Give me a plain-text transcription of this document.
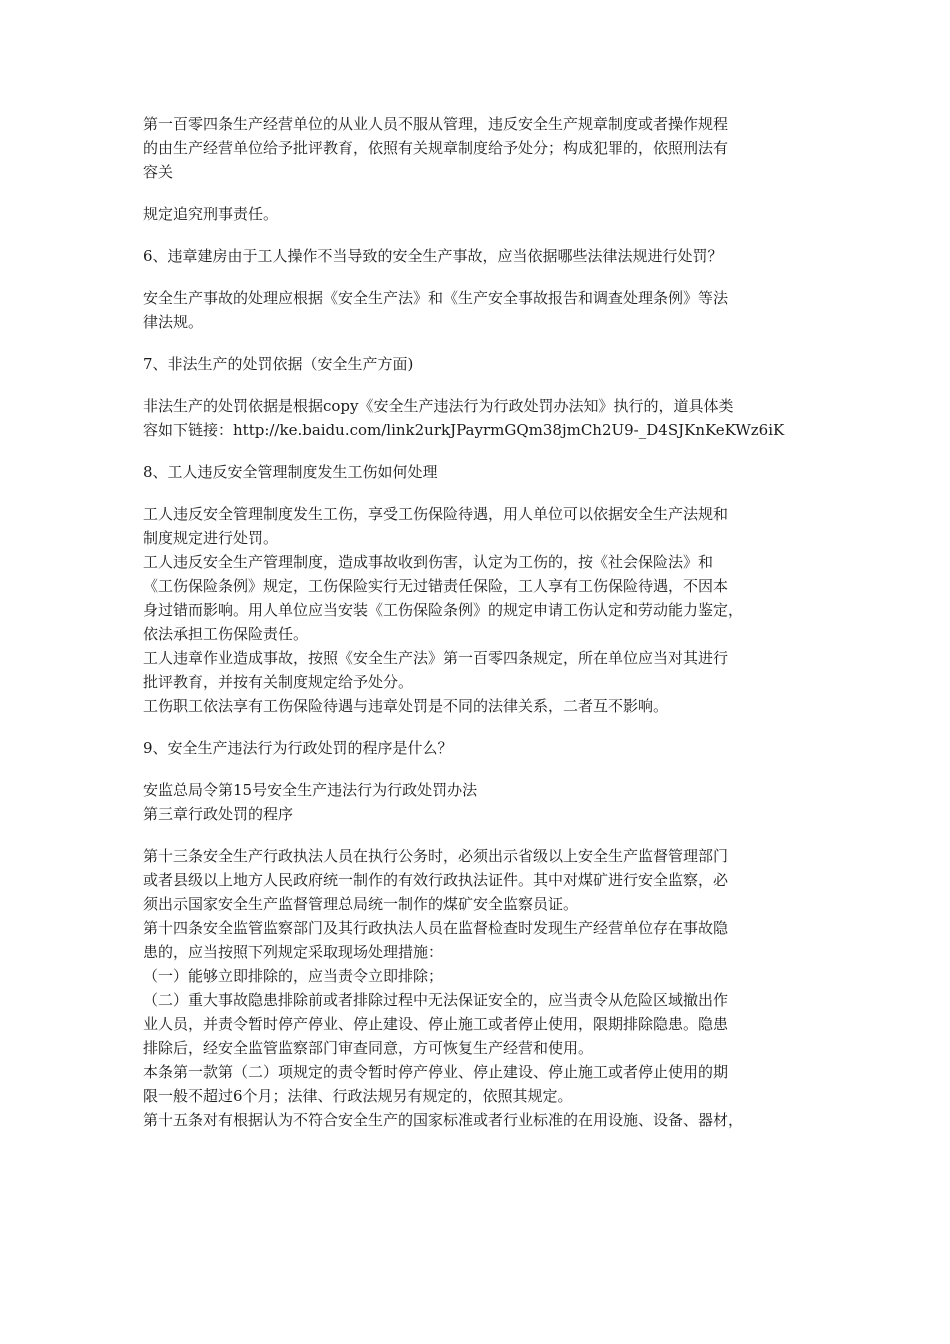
第一百零四条生产经营单位的从业人员不服从管理，违反安全生产规章制度或者操作规程
的由生产经营单位给予批评教育，依照有关规章制度给予处分；构成犯罪的，依照刑法有
容关
规定追究刑事责任。
6、违章建房由于工人操作不当导致的安全生产事故，应当依据哪些法律法规进行处罚？
安全生产事故的处理应根据《安全生产法》和《生产安全事故报告和调查处理条例》等法
律法规。
7、非法生产的处罚依据（安全生产方面)
非法生产的处罚依据是根据copy《安全生产违法行为行政处罚办法知》执行的，道具体类
容如下链接：http://ke.baidu.com/link2urkJPayrmGQm38jmCh2U9-_D4SJKnKeKWz6iK
8、工人违反安全管理制度发生工伤如何处理
工人违反安全管理制度发生工伤，享受工伤保险待遇，用人单位可以依据安全生产法规和
制度规定进行处罚。
工人违反安全生产管理制度，造成事故收到伤害，认定为工伤的，按《社会保险法》和
《工伤保险条例》规定，工伤保险实行无过错责任保险，工人享有工伤保险待遇，不因本
身过错而影响。用人单位应当安装《工伤保险条例》的规定申请工伤认定和劳动能力鉴定，
依法承担工伤保险责任。
工人违章作业造成事故，按照《安全生产法》第一百零四条规定，所在单位应当对其进行
批评教育，并按有关制度规定给予处分。
工伤职工依法享有工伤保险待遇与违章处罚是不同的法律关系，二者互不影响。
9、安全生产违法行为行政处罚的程序是什么？
安监总局令第15号安全生产违法行为行政处罚办法
第三章行政处罚的程序
第十三条安全生产行政执法人员在执行公务时，必须出示省级以上安全生产监督管理部门
或者县级以上地方人民政府统一制作的有效行政执法证件。其中对煤矿进行安全监察，必
须出示国家安全生产监督管理总局统一制作的煤矿安全监察员证。
第十四条安全监管监察部门及其行政执法人员在监督检查时发现生产经营单位存在事故隐
患的，应当按照下列规定采取现场处理措施：
（一）能够立即排除的，应当责令立即排除；
（二）重大事故隐患排除前或者排除过程中无法保证安全的，应当责令从危险区域撤出作
业人员，并责令暂时停产停业、停止建设、停止施工或者停止使用，限期排除隐患。隐患
排除后，经安全监管监察部门审查同意，方可恢复生产经营和使用。
本条第一款第（二）项规定的责令暂时停产停业、停止建设、停止施工或者停止使用的期
限一般不超过6个月；法律、行政法规另有规定的，依照其规定。
第十五条对有根据认为不符合安全生产的国家标准或者行业标准的在用设施、设备、器材，
